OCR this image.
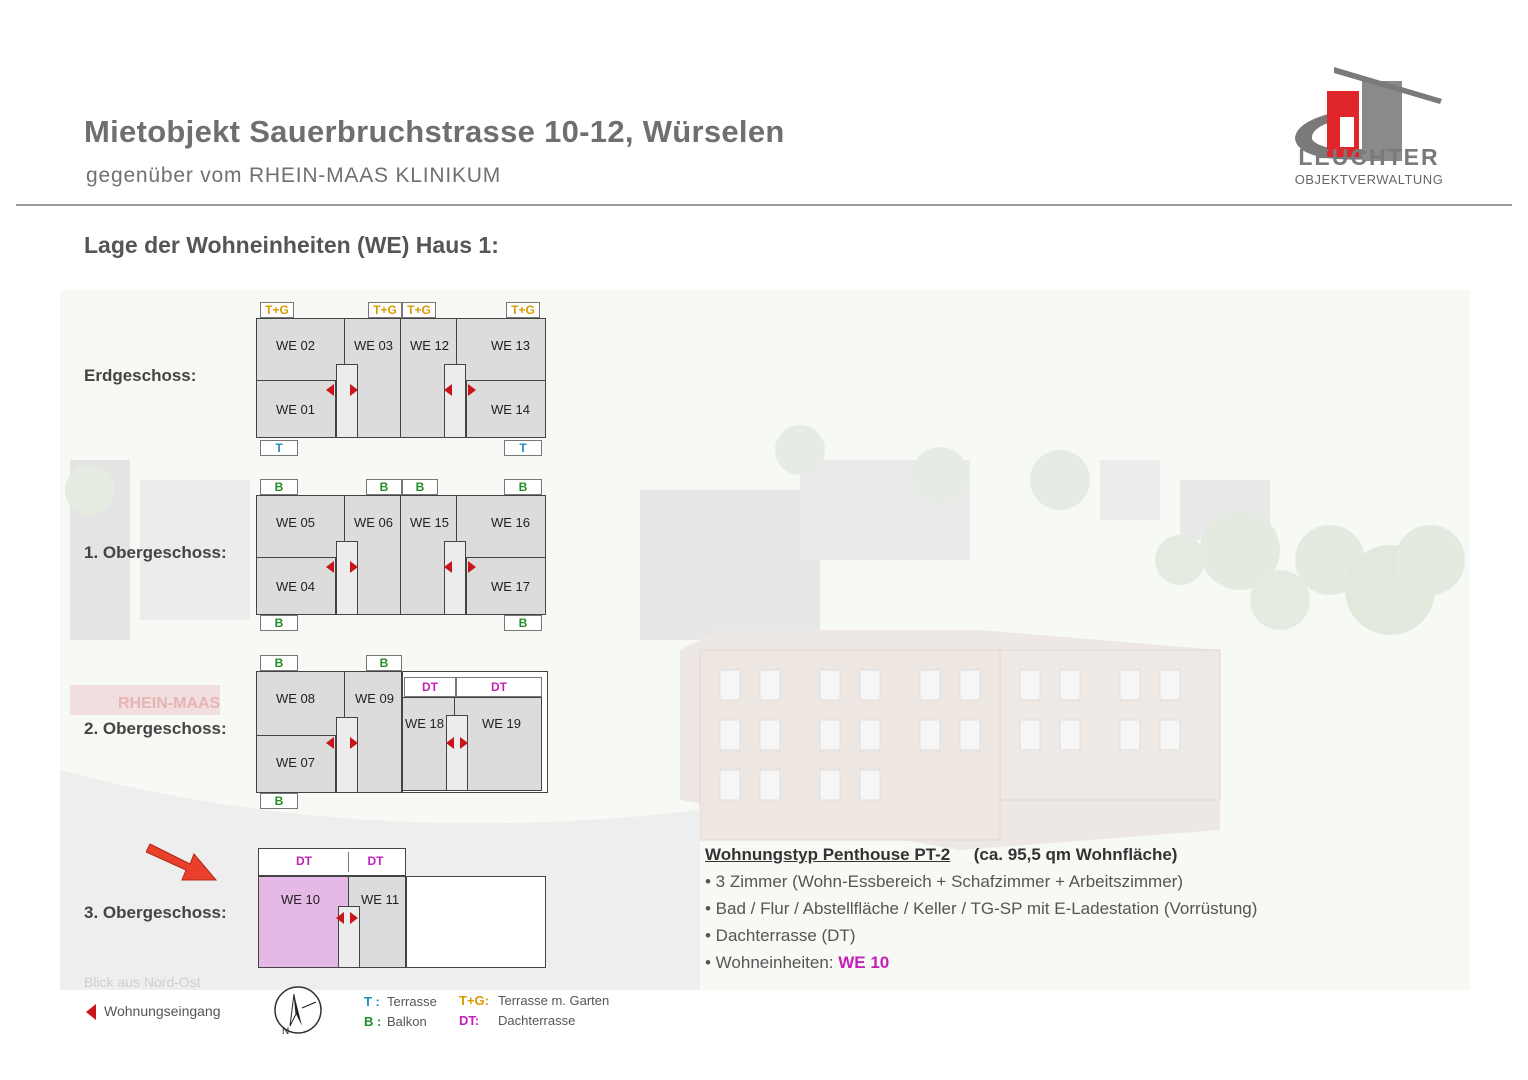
RHEIN-MAAS
Mietobjekt Sauerbruchstrasse 10-12, Würselen
gegenüber vom RHEIN-MAAS KLINIKUM
LEUCHTER
OBJEKTVERWALTUNG
Lage der Wohneinheiten (WE) Haus 1:
Erdgeschoss:
1. Obergeschoss:
2. Obergeschoss:
3. Obergeschoss:
T+G	T+G T+G	T+G
WE 02	WE 03 WE 12	WE 13
WE 01	WE 14
T	T
B	B	B	B
WE 05	WE 06 WE 15	WE 16
WE 04	WE 17
B	B
B	B
DT	DT
WE 08	WE 09
WE 18	WE 19
WE 07
B
DT	DT
WE 10	WE 11
Wohnungstyp Penthouse PT-2 (ca. 95,5 qm Wohnfläche)
• 3 Zimmer (Wohn-Essbereich + Schafzimmer + Arbeitszimmer)
• Bad / Flur / Abstellfläche / Keller / TG-SP mit E-Ladestation (Vorrüstung)
• Dachterrasse (DT)
• Wohneinheiten: WE 10
Blick aus Nord-Ost
Wohnungseingang
N
T : Terrasse
B : Balkon
T+G: Terrasse m. Garten
DT: Dachterrasse
